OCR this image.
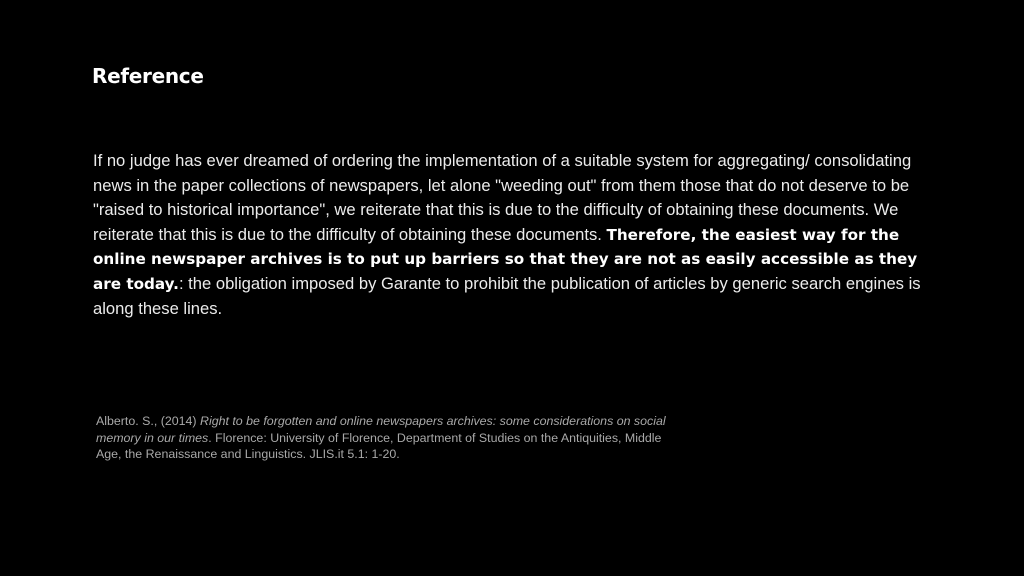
Reference

If no judge has ever dreamed of ordering the implementation of a suitable system for aggregating/ consolidating news in the paper collections of newspapers, let alone "weeding out" from them those that do not deserve to be "raised to historical importance", we reiterate that this is due to the difficulty of obtaining these documents. We reiterate that this is due to the difficulty of obtaining these documents. Therefore, the easiest way for the online newspaper archives is to put up barriers so that they are not as easily accessible as they are today.: the obligation imposed by Garante to prohibit the publication of articles by generic search engines is along these lines.

Alberto. S., (2014) Right to be forgotten and online newspapers archives: some considerations on social memory in our times. Florence: University of Florence, Department of Studies on the Antiquities, Middle Age, the Renaissance and Linguistics. JLIS.it 5.1: 1-20.
